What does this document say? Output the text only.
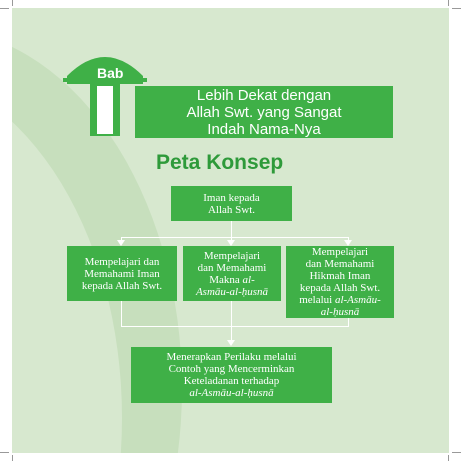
Bab
Lebih Dekat dengan
Allah Swt. yang Sangat
Indah Nama-Nya
Peta Konsep
Iman kepada
Allah Swt.
Mempelajari dan
Memahami Iman
kepada Allah Swt.
Mempelajari
dan Memahami
Makna al-
Asmāu-al-ḥusnā
Mempelajari
dan Memahami
Hikmah Iman
kepada Allah Swt.
melalui al-Asmāu-
al-ḥusnā
Menerapkan Perilaku melalui
Contoh yang Mencerminkan
Keteladanan terhadap
al-Asmāu-al-ḥusnā
